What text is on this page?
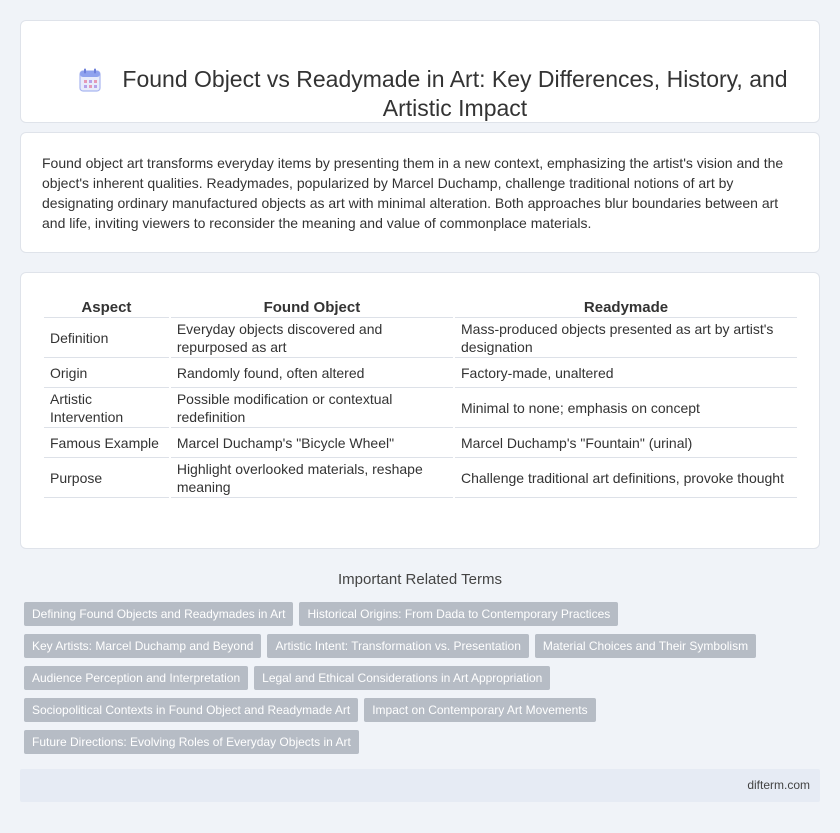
Found Object vs Readymade in Art: Key Differences, History, and Artistic Impact

Found object art transforms everyday items by presenting them in a new context, emphasizing the artist's vision and the object's inherent qualities. Readymades, popularized by Marcel Duchamp, challenge traditional notions of art by designating ordinary manufactured objects as art with minimal alteration. Both approaches blur boundaries between art and life, inviting viewers to reconsider the meaning and value of commonplace materials.

Aspect	Found Object	Readymade
Definition	Everyday objects discovered and repurposed as art	Mass-produced objects presented as art by artist's designation
Origin	Randomly found, often altered	Factory-made, unaltered
Artistic Intervention	Possible modification or contextual redefinition	Minimal to none; emphasis on concept
Famous Example	Marcel Duchamp's "Bicycle Wheel"	Marcel Duchamp's "Fountain" (urinal)
Purpose	Highlight overlooked materials, reshape meaning	Challenge traditional art definitions, provoke thought
Important Related Terms
Defining Found Objects and Readymades in Art Historical Origins: From Dada to Contemporary Practices
Key Artists: Marcel Duchamp and Beyond Artistic Intent: Transformation vs. Presentation Material Choices and Their Symbolism
Audience Perception and Interpretation Legal and Ethical Considerations in Art Appropriation
Sociopolitical Contexts in Found Object and Readymade Art Impact on Contemporary Art Movements
Future Directions: Evolving Roles of Everyday Objects in Art
difterm.com
